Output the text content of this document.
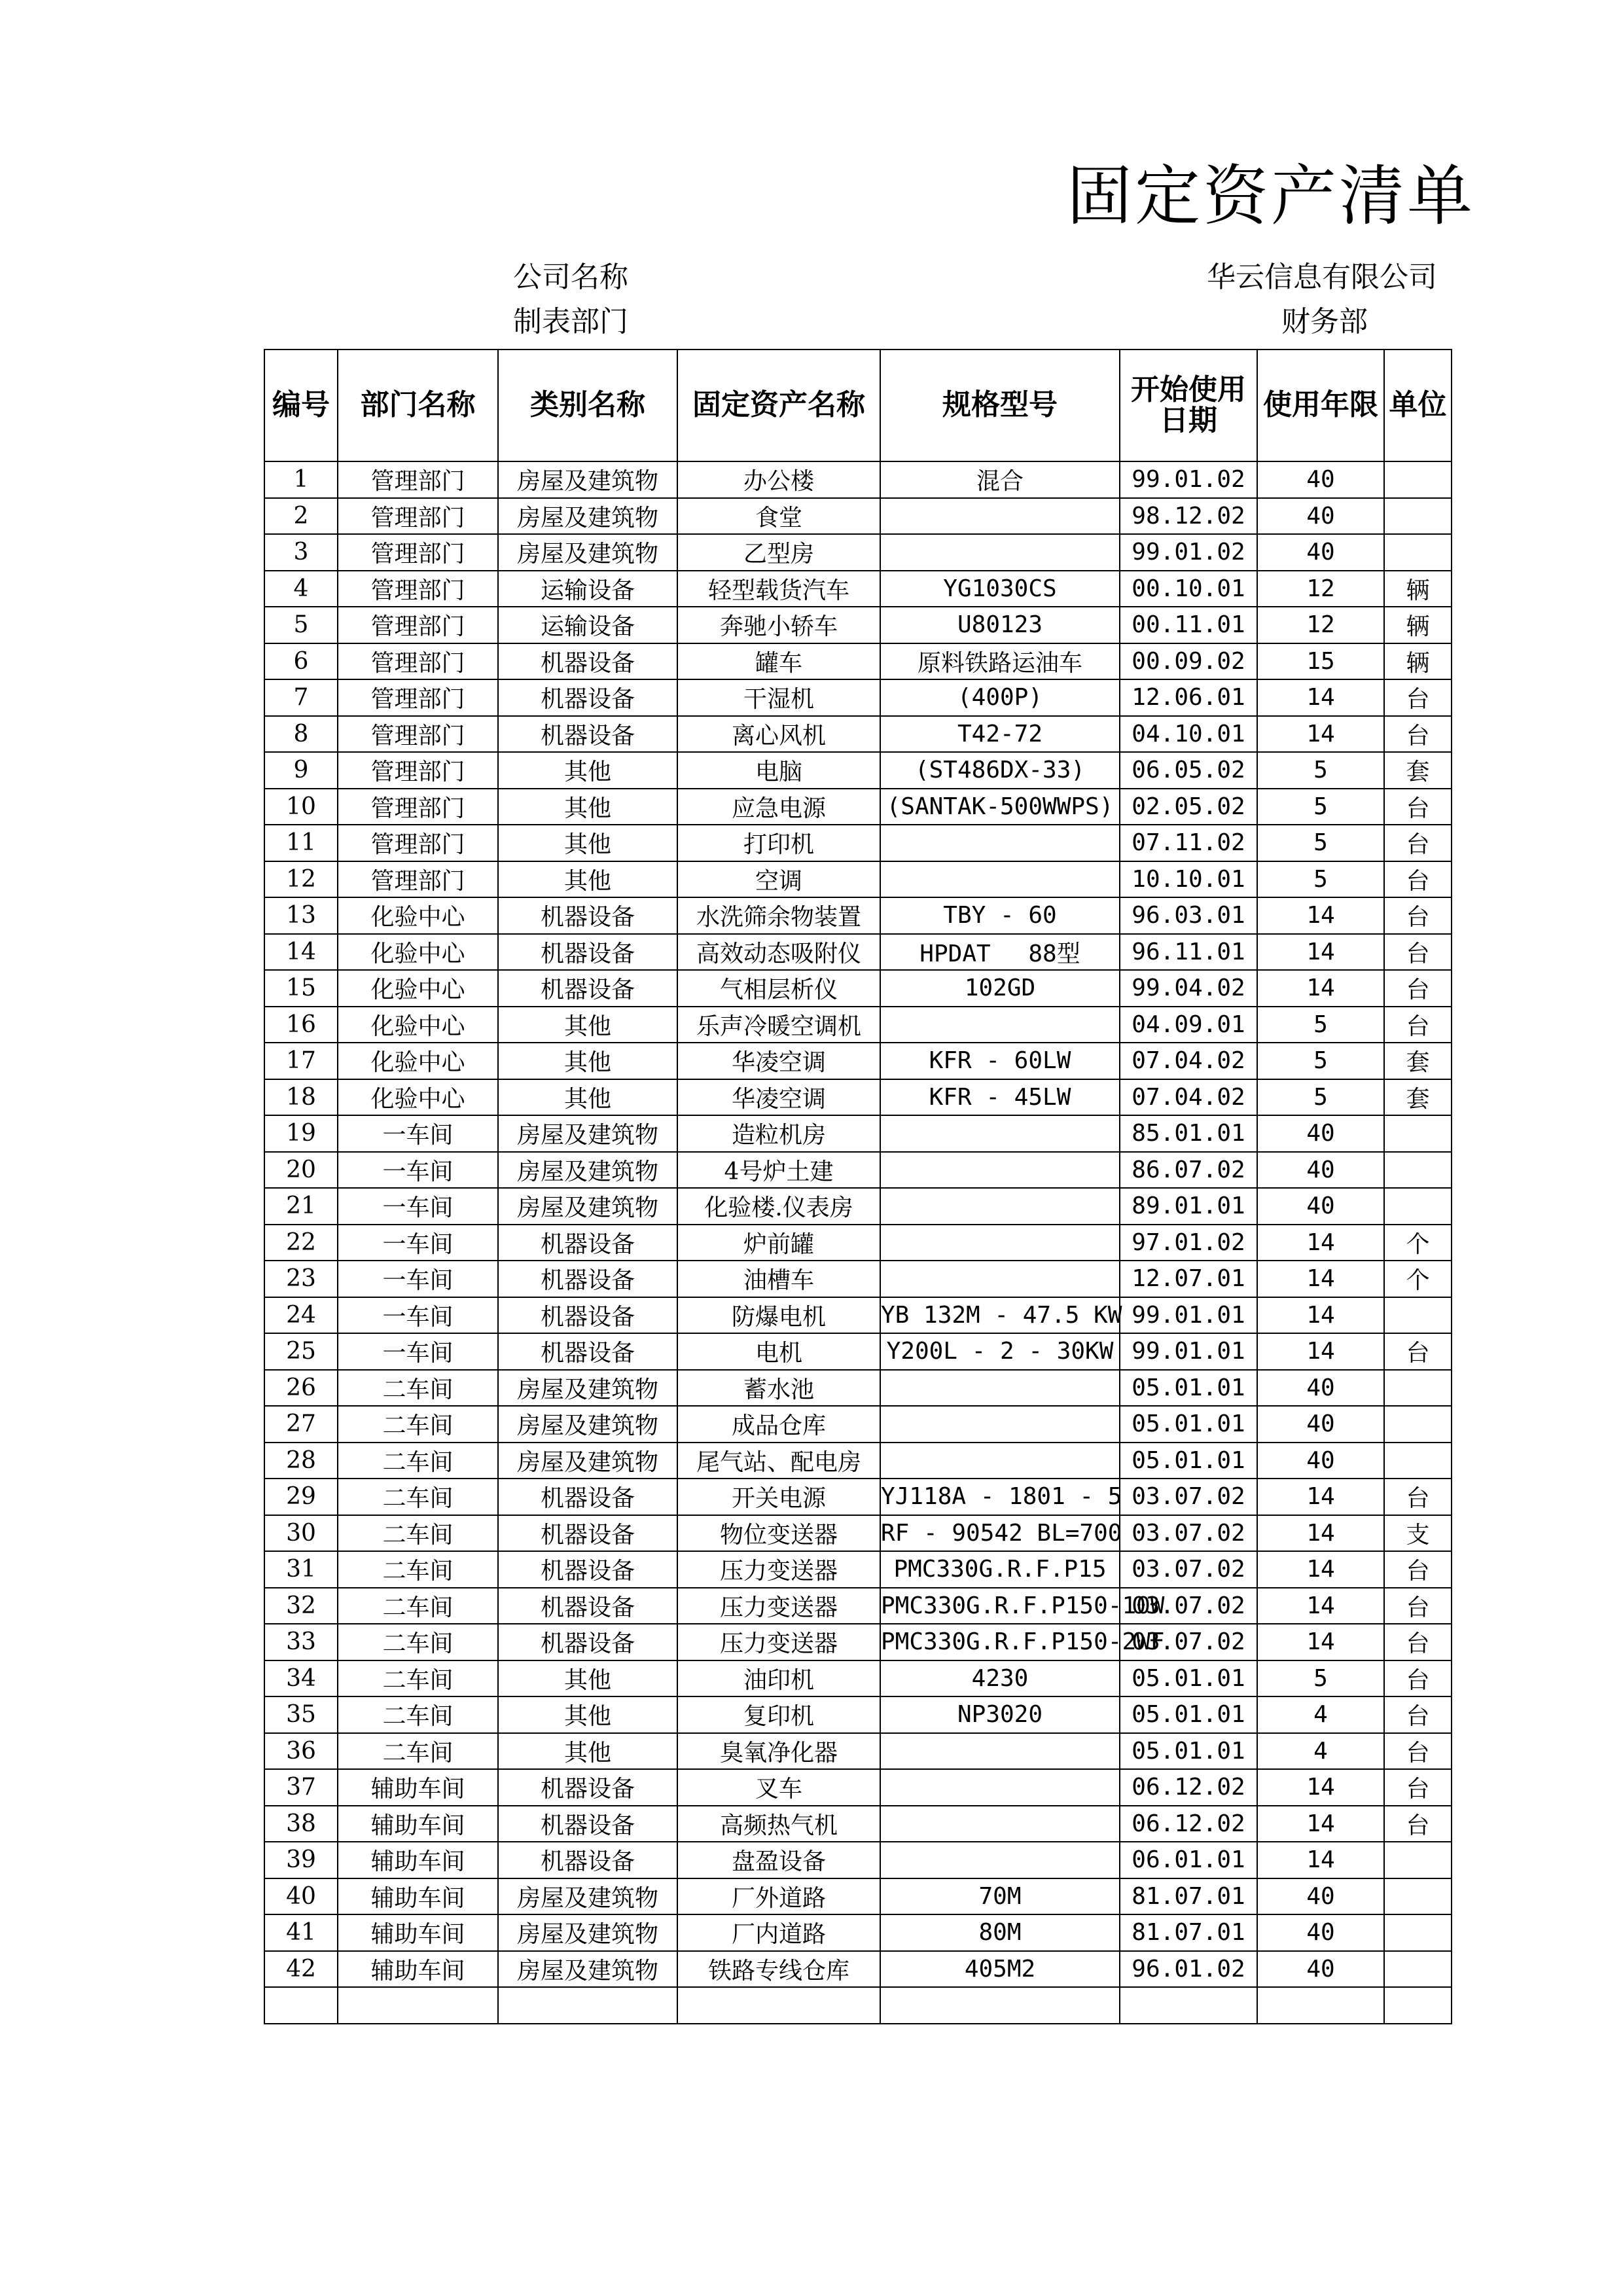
固定资产清单
公司名称	华云信息有限公司
制表部门	财务部
编号	部门名称	类别名称	固定资产名称	规格型号	开始使用日期	使用年限	单位
1	管理部门	房屋及建筑物	办公楼	混合	99.01.02	40	
2	管理部门	房屋及建筑物	食堂		98.12.02	40	
3	管理部门	房屋及建筑物	乙型房		99.01.02	40	
4	管理部门	运输设备	轻型载货汽车	YG1030CS	00.10.01	12	辆
5	管理部门	运输设备	奔驰小轿车	U80123	00.11.01	12	辆
6	管理部门	机器设备	罐车	原料铁路运油车	00.09.02	15	辆
7	管理部门	机器设备	干湿机	(400P)	12.06.01	14	台
8	管理部门	机器设备	离心风机	T42-72	04.10.01	14	台
9	管理部门	其他	电脑	(ST486DX-33)	06.05.02	5	套
10	管理部门	其他	应急电源	(SANTAK-500WWPS)	02.05.02	5	台
11	管理部门	其他	打印机		07.11.02	5	台
12	管理部门	其他	空调		10.10.01	5	台
13	化验中心	机器设备	水洗筛余物装置	TBY - 60	96.03.01	14	台
14	化验中心	机器设备	高效动态吸附仪	HPDAT　 88型	96.11.01	14	台
15	化验中心	机器设备	气相层析仪	102GD	99.04.02	14	台
16	化验中心	其他	乐声冷暖空调机		04.09.01	5	台
17	化验中心	其他	华凌空调	KFR - 60LW	07.04.02	5	套
18	化验中心	其他	华凌空调	KFR - 45LW	07.04.02	5	套
19	一车间	房屋及建筑物	造粒机房		85.01.01	40	
20	一车间	房屋及建筑物	4号炉土建		86.07.02	40	
21	一车间	房屋及建筑物	化验楼.仪表房		89.01.01	40	
22	一车间	机器设备	炉前罐		97.01.02	14	个
23	一车间	机器设备	油槽车		12.07.01	14	个
24	一车间	机器设备	防爆电机	YB 132M - 47.5 KW	99.01.01	14	
25	一车间	机器设备	电机	Y200L - 2 - 30KW	99.01.01	14	台
26	二车间	房屋及建筑物	蓄水池		05.01.01	40	
27	二车间	房屋及建筑物	成品仓库		05.01.01	40	
28	二车间	房屋及建筑物	尾气站、配电房		05.01.01	40	
29	二车间	机器设备	开关电源	YJ118A - 1801 - 5	03.07.02	14	台
30	二车间	机器设备	物位变送器	RF - 90542 BL=700	03.07.02	14	支
31	二车间	机器设备	压力变送器	PMC330G.R.F.P15	03.07.02	14	台
32	二车间	机器设备	压力变送器	PMC330G.R.F.P150-10W	03.07.02	14	台
33	二车间	机器设备	压力变送器	PMC330G.R.F.P150-2WF	03.07.02	14	台
34	二车间	其他	油印机	4230	05.01.01	5	台
35	二车间	其他	复印机	NP3020	05.01.01	4	台
36	二车间	其他	臭氧净化器		05.01.01	4	台
37	辅助车间	机器设备	叉车		06.12.02	14	台
38	辅助车间	机器设备	高频热气机		06.12.02	14	台
39	辅助车间	机器设备	盘盈设备		06.01.01	14	
40	辅助车间	房屋及建筑物	厂外道路	70M	81.07.01	40	
41	辅助车间	房屋及建筑物	厂内道路	80M	81.07.01	40	
42	辅助车间	房屋及建筑物	铁路专线仓库	405M2	96.01.02	40	
